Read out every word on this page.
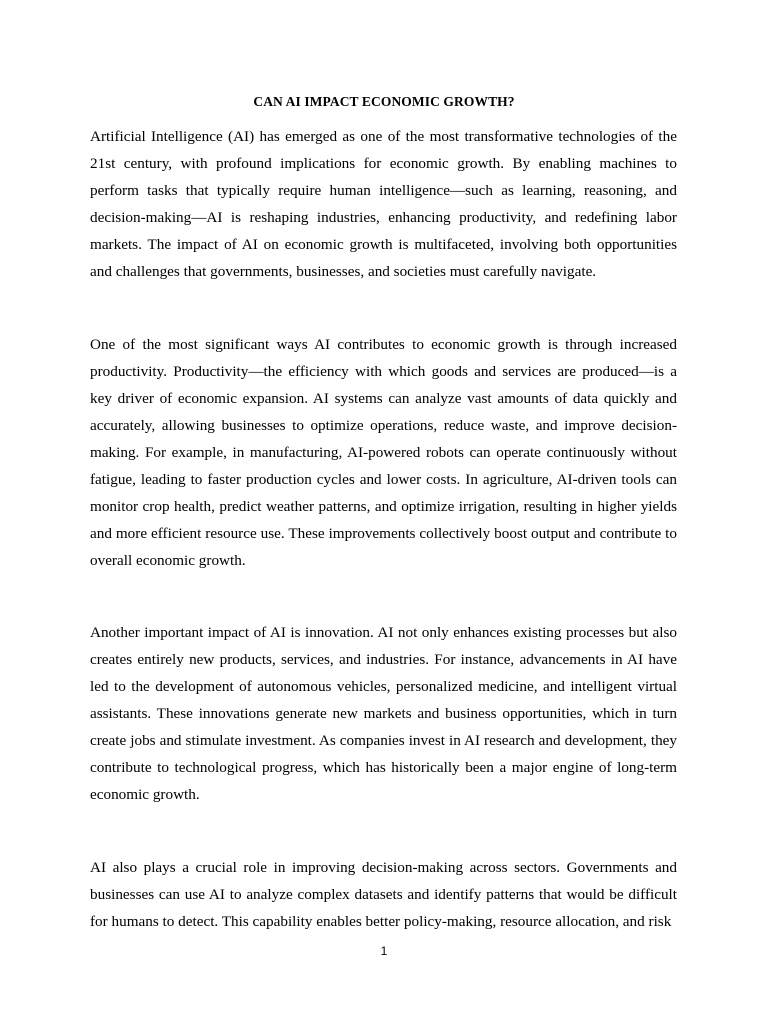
CAN AI IMPACT ECONOMIC GROWTH?

Artificial Intelligence (AI) has emerged as one of the most transformative technologies of the 21st century, with profound implications for economic growth. By enabling machines to perform tasks that typically require human intelligence—such as learning, reasoning, and decision-making—AI is reshaping industries, enhancing productivity, and redefining labor markets. The impact of AI on economic growth is multifaceted, involving both opportunities and challenges that governments, businesses, and societies must carefully navigate.

One of the most significant ways AI contributes to economic growth is through increased productivity. Productivity—the efficiency with which goods and services are produced—is a key driver of economic expansion. AI systems can analyze vast amounts of data quickly and accurately, allowing businesses to optimize operations, reduce waste, and improve decision-making. For example, in manufacturing, AI-powered robots can operate continuously without fatigue, leading to faster production cycles and lower costs. In agriculture, AI-driven tools can monitor crop health, predict weather patterns, and optimize irrigation, resulting in higher yields and more efficient resource use. These improvements collectively boost output and contribute to overall economic growth.

Another important impact of AI is innovation. AI not only enhances existing processes but also creates entirely new products, services, and industries. For instance, advancements in AI have led to the development of autonomous vehicles, personalized medicine, and intelligent virtual assistants. These innovations generate new markets and business opportunities, which in turn create jobs and stimulate investment. As companies invest in AI research and development, they contribute to technological progress, which has historically been a major engine of long-term economic growth.

AI also plays a crucial role in improving decision-making across sectors. Governments and businesses can use AI to analyze complex datasets and identify patterns that would be difficult for humans to detect. This capability enables better policy-making, resource allocation, and risk

1
